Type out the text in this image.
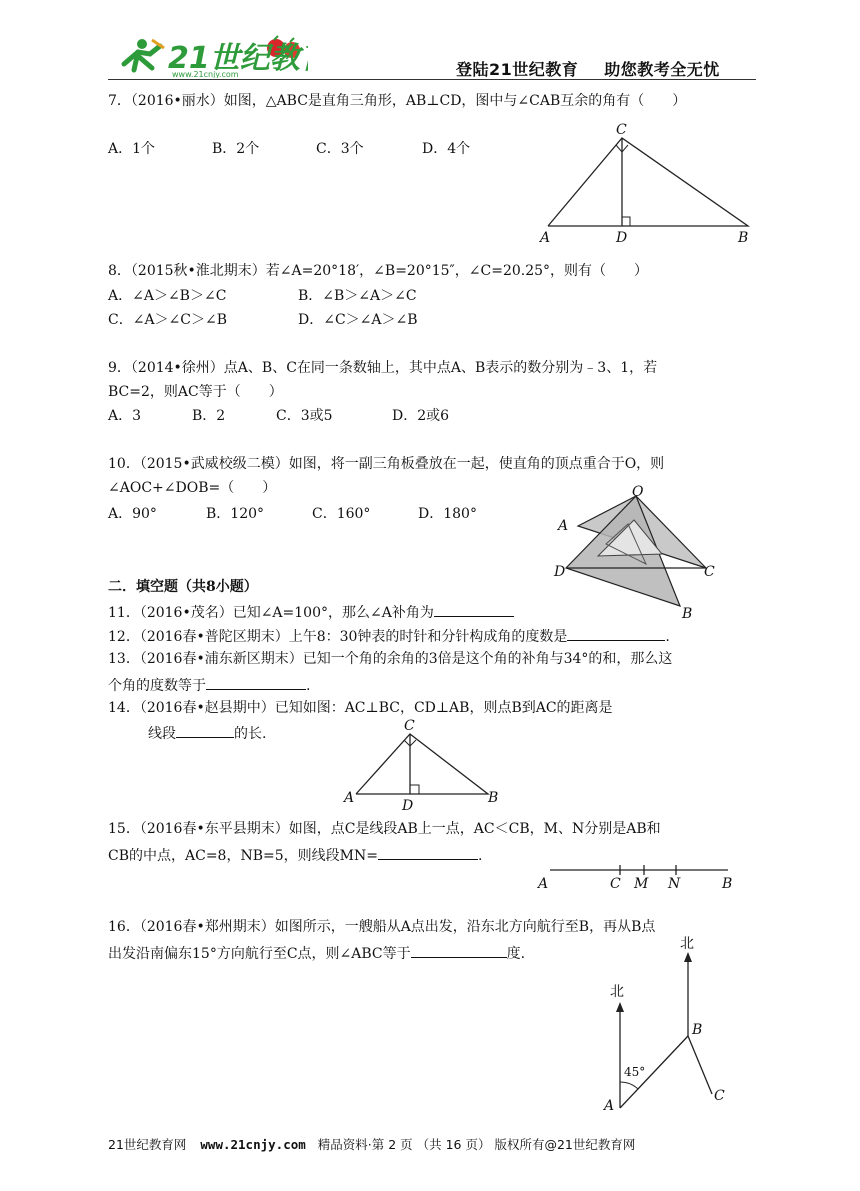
21世纪教
www.21cnjy.com	登陆21世纪教育 助您教考全无忧
7．（2016•丽水）如图，△ABC是直角三角形，AB⊥CD，图中与∠CAB互余的角有（　　）
A．1个	B．2个	C．3个	D．4个
C
A	D	B
8．（2015秋•淮北期末）若∠A=20°18′，∠B=20°15″，∠C=20.25°，则有（　　）
A．∠A＞∠B＞∠C	B．∠B＞∠A＞∠C
C．∠A＞∠C＞∠B	D．∠C＞∠A＞∠B
9．（2014•徐州）点A、B、C在同一条数轴上，其中点A、B表示的数分别为﹣3、1，若
BC=2，则AC等于（　　）
A．3	B．2	C．3或5	D．2或6
10．（2015•武威校级二模）如图，将一副三角板叠放在一起，使直角的顶点重合于O，则
∠AOC+∠DOB=（　　）
A．90°	B．120°	C．160°	D．180°
O
A
D	C
B
二．填空题（共8小题）
11．（2016•茂名）已知∠A=100°，那么∠A补角为
12．（2016春•普陀区期末）上午8：30钟表的时针和分针构成角的度数是	.
13．（2016春•浦东新区期末）已知一个角的余角的3倍是这个角的补角与34°的和，那么这
个角的度数等于	.
14．（2016春•赵县期中）已知如图：AC⊥BC，CD⊥AB，则点B到AC的距离是
线段	的长.	C
A	D	B
15．（2016春•东平县期末）如图，点C是线段AB上一点，AC＜CB，M、N分别是AB和
CB的中点，AC=8，NB=5，则线段MN=	.
A	C M N	B
16．（2016春•郑州期末）如图所示，一艘船从A点出发，沿东北方向航行至B，再从B点
出发沿南偏东15°方向航行至C点，则∠ABC等于	度.
北
北
45°
A
B
C
21世纪教育网 www.21cnjy.com 精品资料·第 2 页 （共 16 页） 版权所有@21世纪教育网
